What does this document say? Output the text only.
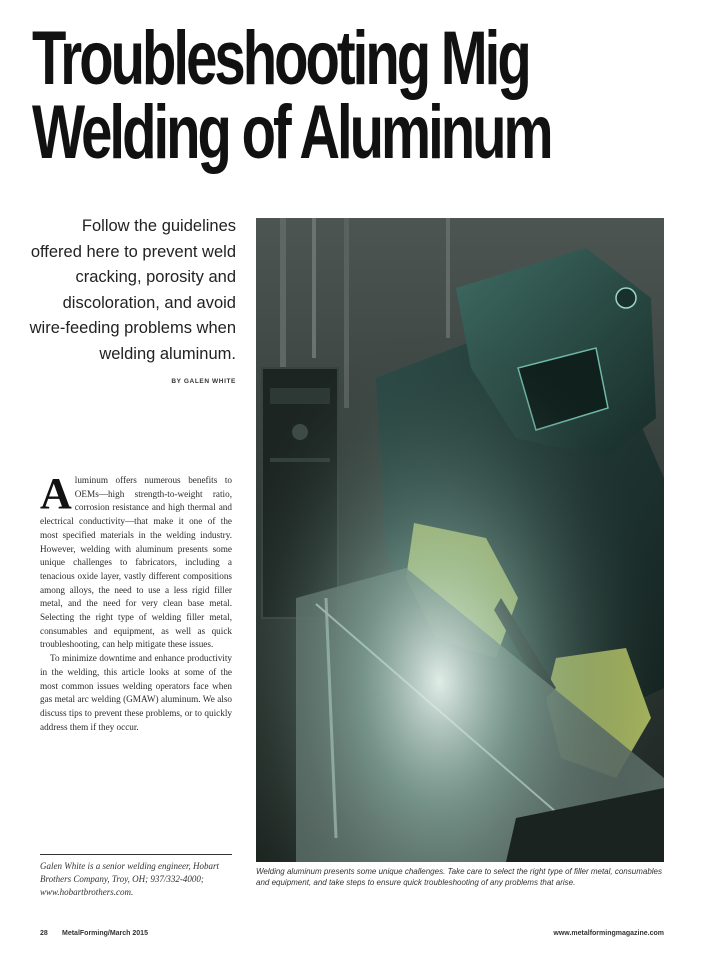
Troubleshooting Mig
Welding of Aluminum
Follow the guidelines offered here to prevent weld cracking, porosity and discoloration, and avoid wire-feeding problems when welding aluminum.
BY GALEN WHITE

Aluminum offers numerous benefits to OEMs—high strength-to-weight ratio, corrosion resistance and high thermal and electrical conductivity—that make it one of the most specified materials in the welding industry. However, welding with aluminum presents some unique challenges to fabricators, including a tenacious oxide layer, vastly different compositions among alloys, the need to use a less rigid filler metal, and the need for very clean base metal. Selecting the right type of welding filler metal, consumables and equipment, as well as quick troubleshooting, can help mitigate these issues.

To minimize downtime and enhance productivity in the welding, this article looks at some of the most common issues welding operators face when gas metal arc welding (GMAW) aluminum. We also discuss tips to prevent these problems, or to quickly address them if they occur.

Galen White is a senior welding engineer, Hobart Brothers Company, Troy, OH; 937/332-4000; www.hobartbrothers.com.
Welding aluminum presents some unique challenges. Take care to select the right type of filler metal, consumables and equipment, and take steps to ensure quick troubleshooting of any problems that arise.
28 MetalForming/March 2015	www.metalformingmagazine.com
